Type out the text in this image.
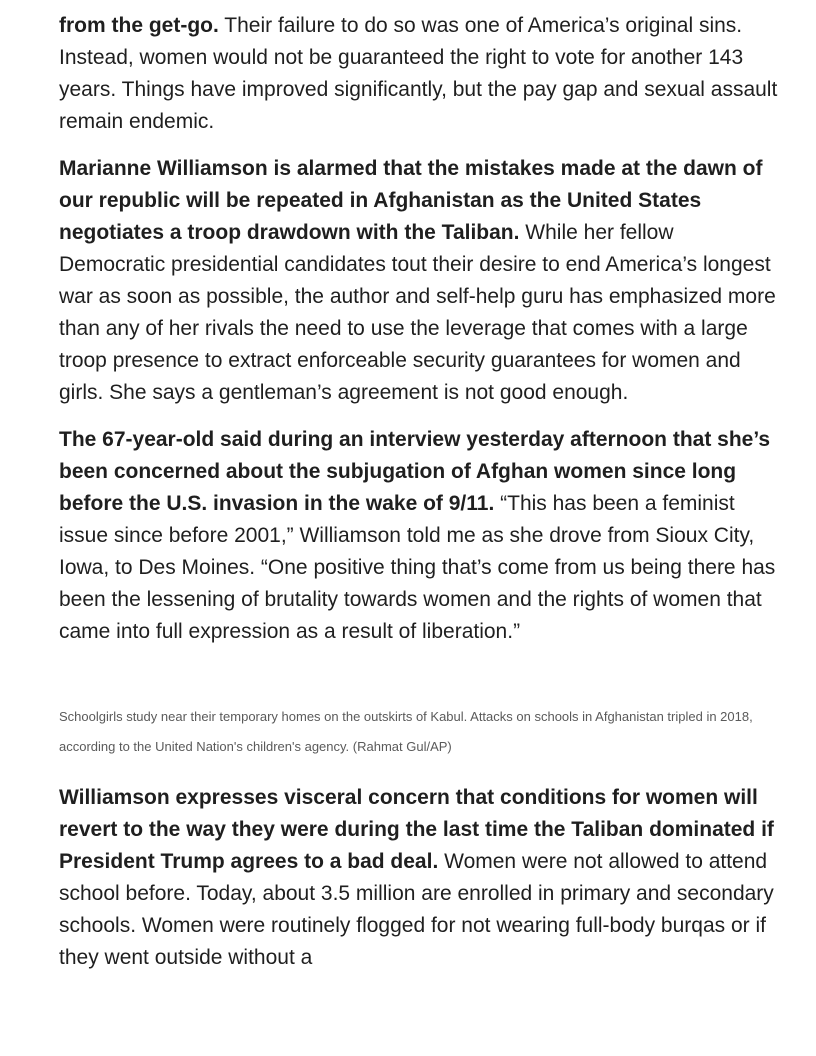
from the get-go. Their failure to do so was one of America’s original sins. Instead, women would not be guaranteed the right to vote for another 143 years. Things have improved significantly, but the pay gap and sexual assault remain endemic.

Marianne Williamson is alarmed that the mistakes made at the dawn of our republic will be repeated in Afghanistan as the United States negotiates a troop drawdown with the Taliban. While her fellow Democratic presidential candidates tout their desire to end America’s longest war as soon as possible, the author and self-help guru has emphasized more than any of her rivals the need to use the leverage that comes with a large troop presence to extract enforceable security guarantees for women and girls. She says a gentleman’s agreement is not good enough.

The 67-year-old said during an interview yesterday afternoon that she’s been concerned about the subjugation of Afghan women since long before the U.S. invasion in the wake of 9/11. “This has been a feminist issue since before 2001,” Williamson told me as she drove from Sioux City, Iowa, to Des Moines. “One positive thing that’s come from us being there has been the lessening of brutality towards women and the rights of women that came into full expression as a result of liberation.”

Schoolgirls study near their temporary homes on the outskirts of Kabul. Attacks on schools in Afghanistan tripled in 2018, according to the United Nation's children's agency. (Rahmat Gul/AP)

Williamson expresses visceral concern that conditions for women will revert to the way they were during the last time the Taliban dominated if President Trump agrees to a bad deal. Women were not allowed to attend school before. Today, about 3.5 million are enrolled in primary and secondary schools. Women were routinely flogged for not wearing full-body burqas or if they went outside without a
